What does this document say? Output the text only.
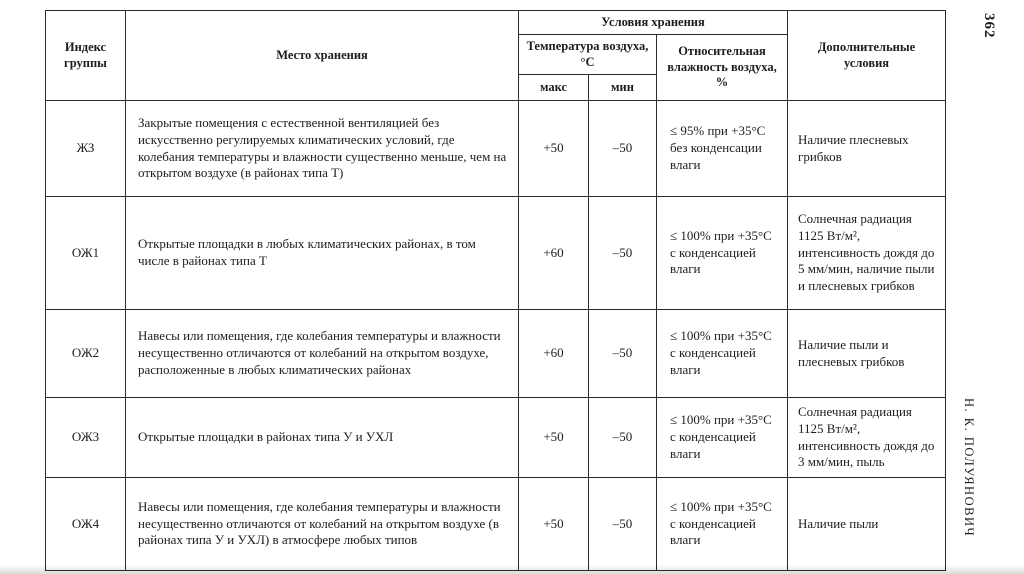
362
Н. К. ПОЛУЯНОВИЧ
Индекс группы	Место хранения	Условия хранения			Дополнительные условия
		Температура воздуха, °С		Относительная влажность воздуха, %	
		макс	мин		
ЖЗ	Закрытые помещения с естественной вентиляцией без искусственно регулируемых климатических условий, где колебания температуры и влажности существенно меньше, чем на открытом воздухе (в районах типа Т)	+50	–50	≤ 95% при +35°С без конденсации влаги	Наличие плесневых грибков
ОЖ1	Открытые площадки в любых климатических районах, в том числе в районах типа Т	+60	–50	≤ 100% при +35°С с конденсацией влаги	Солнечная радиация 1125 Вт/м², интенсивность дождя до 5 мм/мин, наличие пыли и плесневых грибков
ОЖ2	Навесы или помещения, где колебания температуры и влажности несущественно отличаются от колебаний на открытом воздухе, расположенные в любых климатических районах	+60	–50	≤ 100% при +35°С с конденсацией влаги	Наличие пыли и плесневых грибков
ОЖ3	Открытые площадки в районах типа У и УХЛ	+50	–50	≤ 100% при +35°С с конденсацией влаги	Солнечная радиация 1125 Вт/м², интенсивность дождя до 3 мм/мин, пыль
ОЖ4	Навесы или помещения, где колебания температуры и влажности несущественно отличаются от колебаний на открытом воздухе (в районах типа У и УХЛ) в атмосфере любых типов	+50	–50	≤ 100% при +35°С с конденсацией влаги	Наличие пыли
